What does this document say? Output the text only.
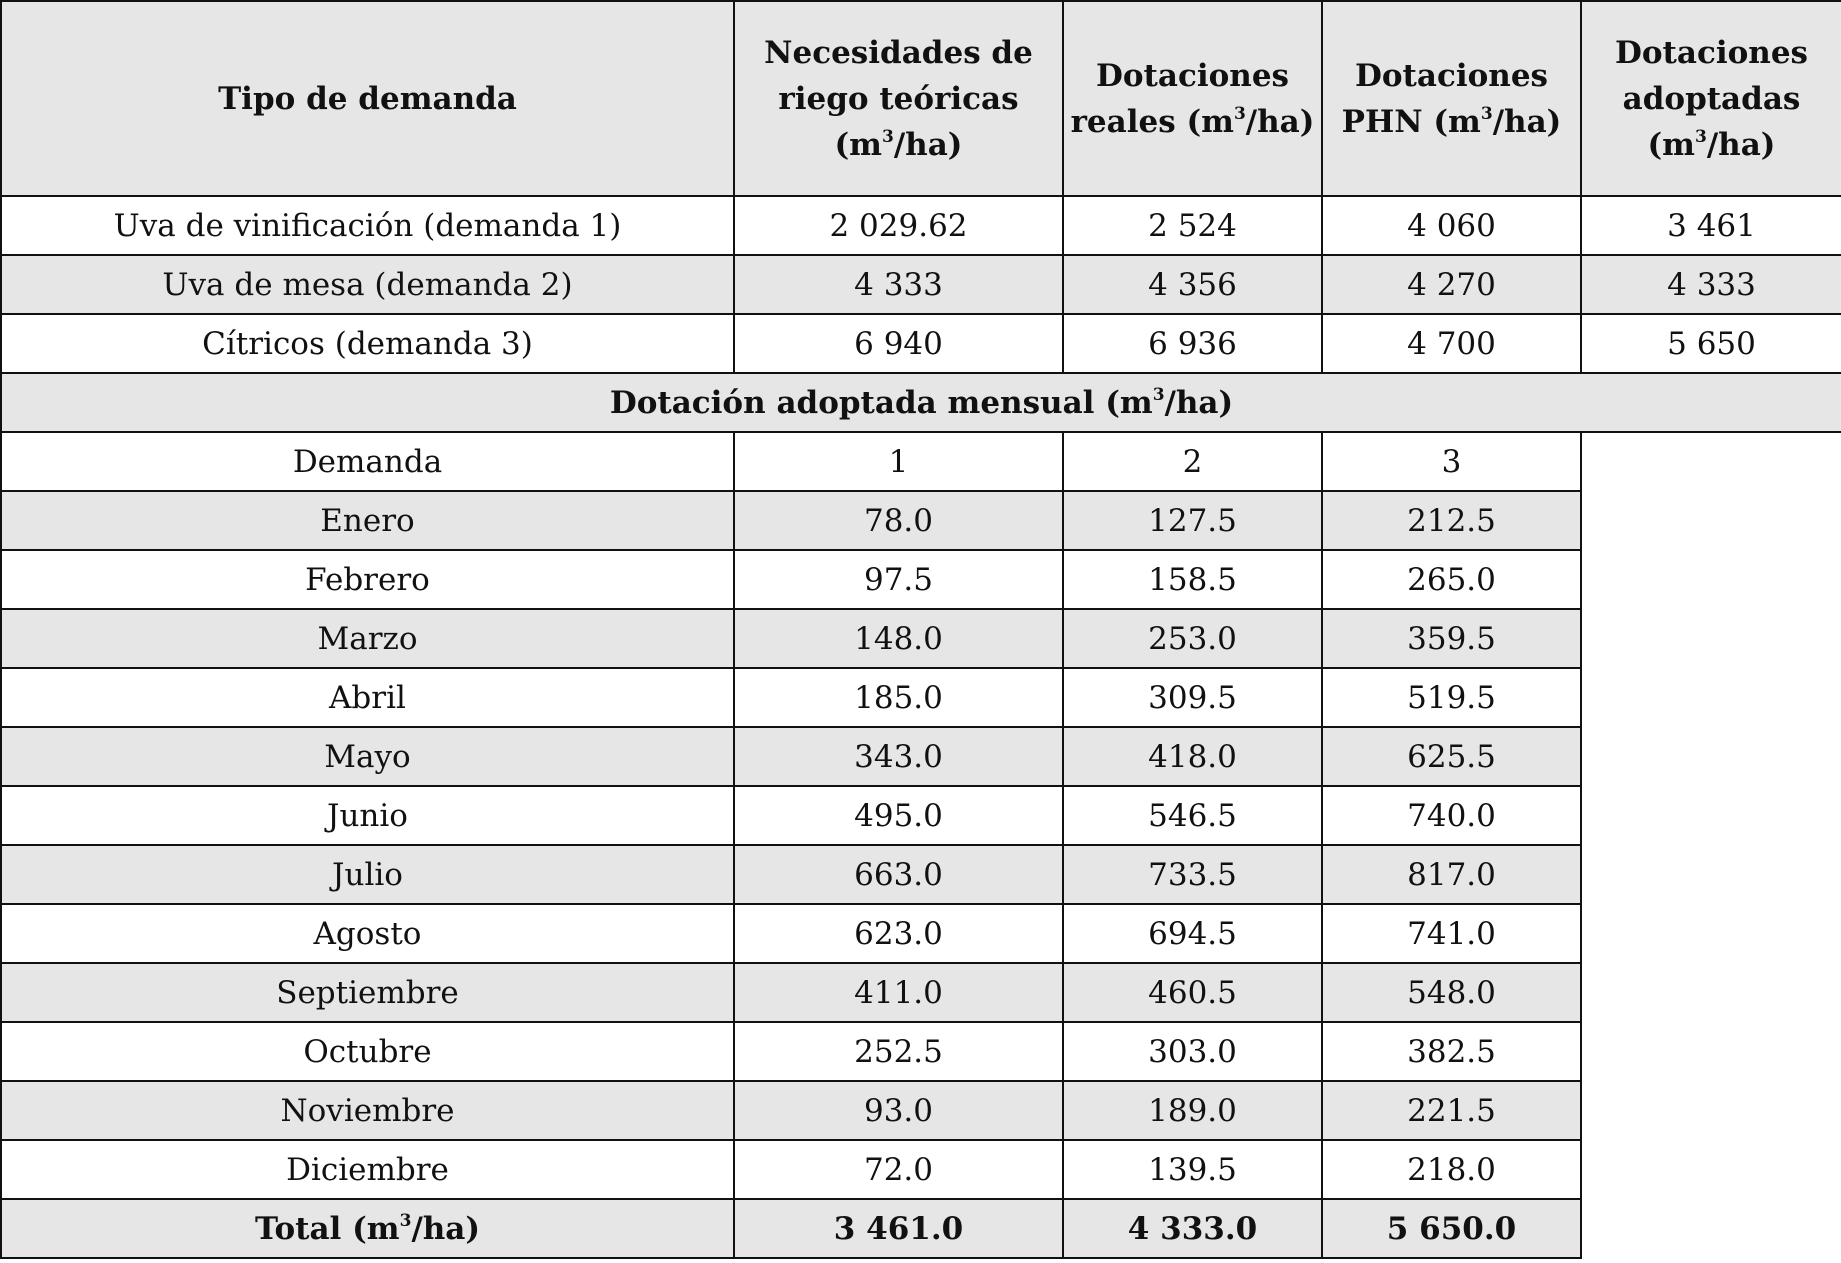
Tipo de demanda	Necesidades de riego teóricas $(m^3/ha)$	Dotaciones reales $(m^3/ha)$	Dotaciones PHN $(m^3/ha)$	Dotaciones adoptadas $(m^3/ha)$
Uva de vinificación (demanda 1)	2 029.62	2 524	4 060	3 461
Uva de mesa (demanda 2)	4 333	4 356	4 270	4 333
Cítricos (demanda 3)	6 940	6 936	4 700	5 650
Dotación adoptada mensual $(m^3/ha)$				
Demanda	1	2	3	
Enero	78.0	127.5	212.5	
Febrero	97.5	158.5	265.0	
Marzo	148.0	253.0	359.5	
Abril	185.0	309.5	519.5	
Mayo	343.0	418.0	625.5	
Junio	495.0	546.5	740.0	
Julio	663.0	733.5	817.0	
Agosto	623.0	694.5	741.0	
Septiembre	411.0	460.5	548.0	
Octubre	252.5	303.0	382.5	
Noviembre	93.0	189.0	221.5	
Diciembre	72.0	139.5	218.0	
Total $(m^3/ha)$	3 461.0	4 333.0	5 650.0	
